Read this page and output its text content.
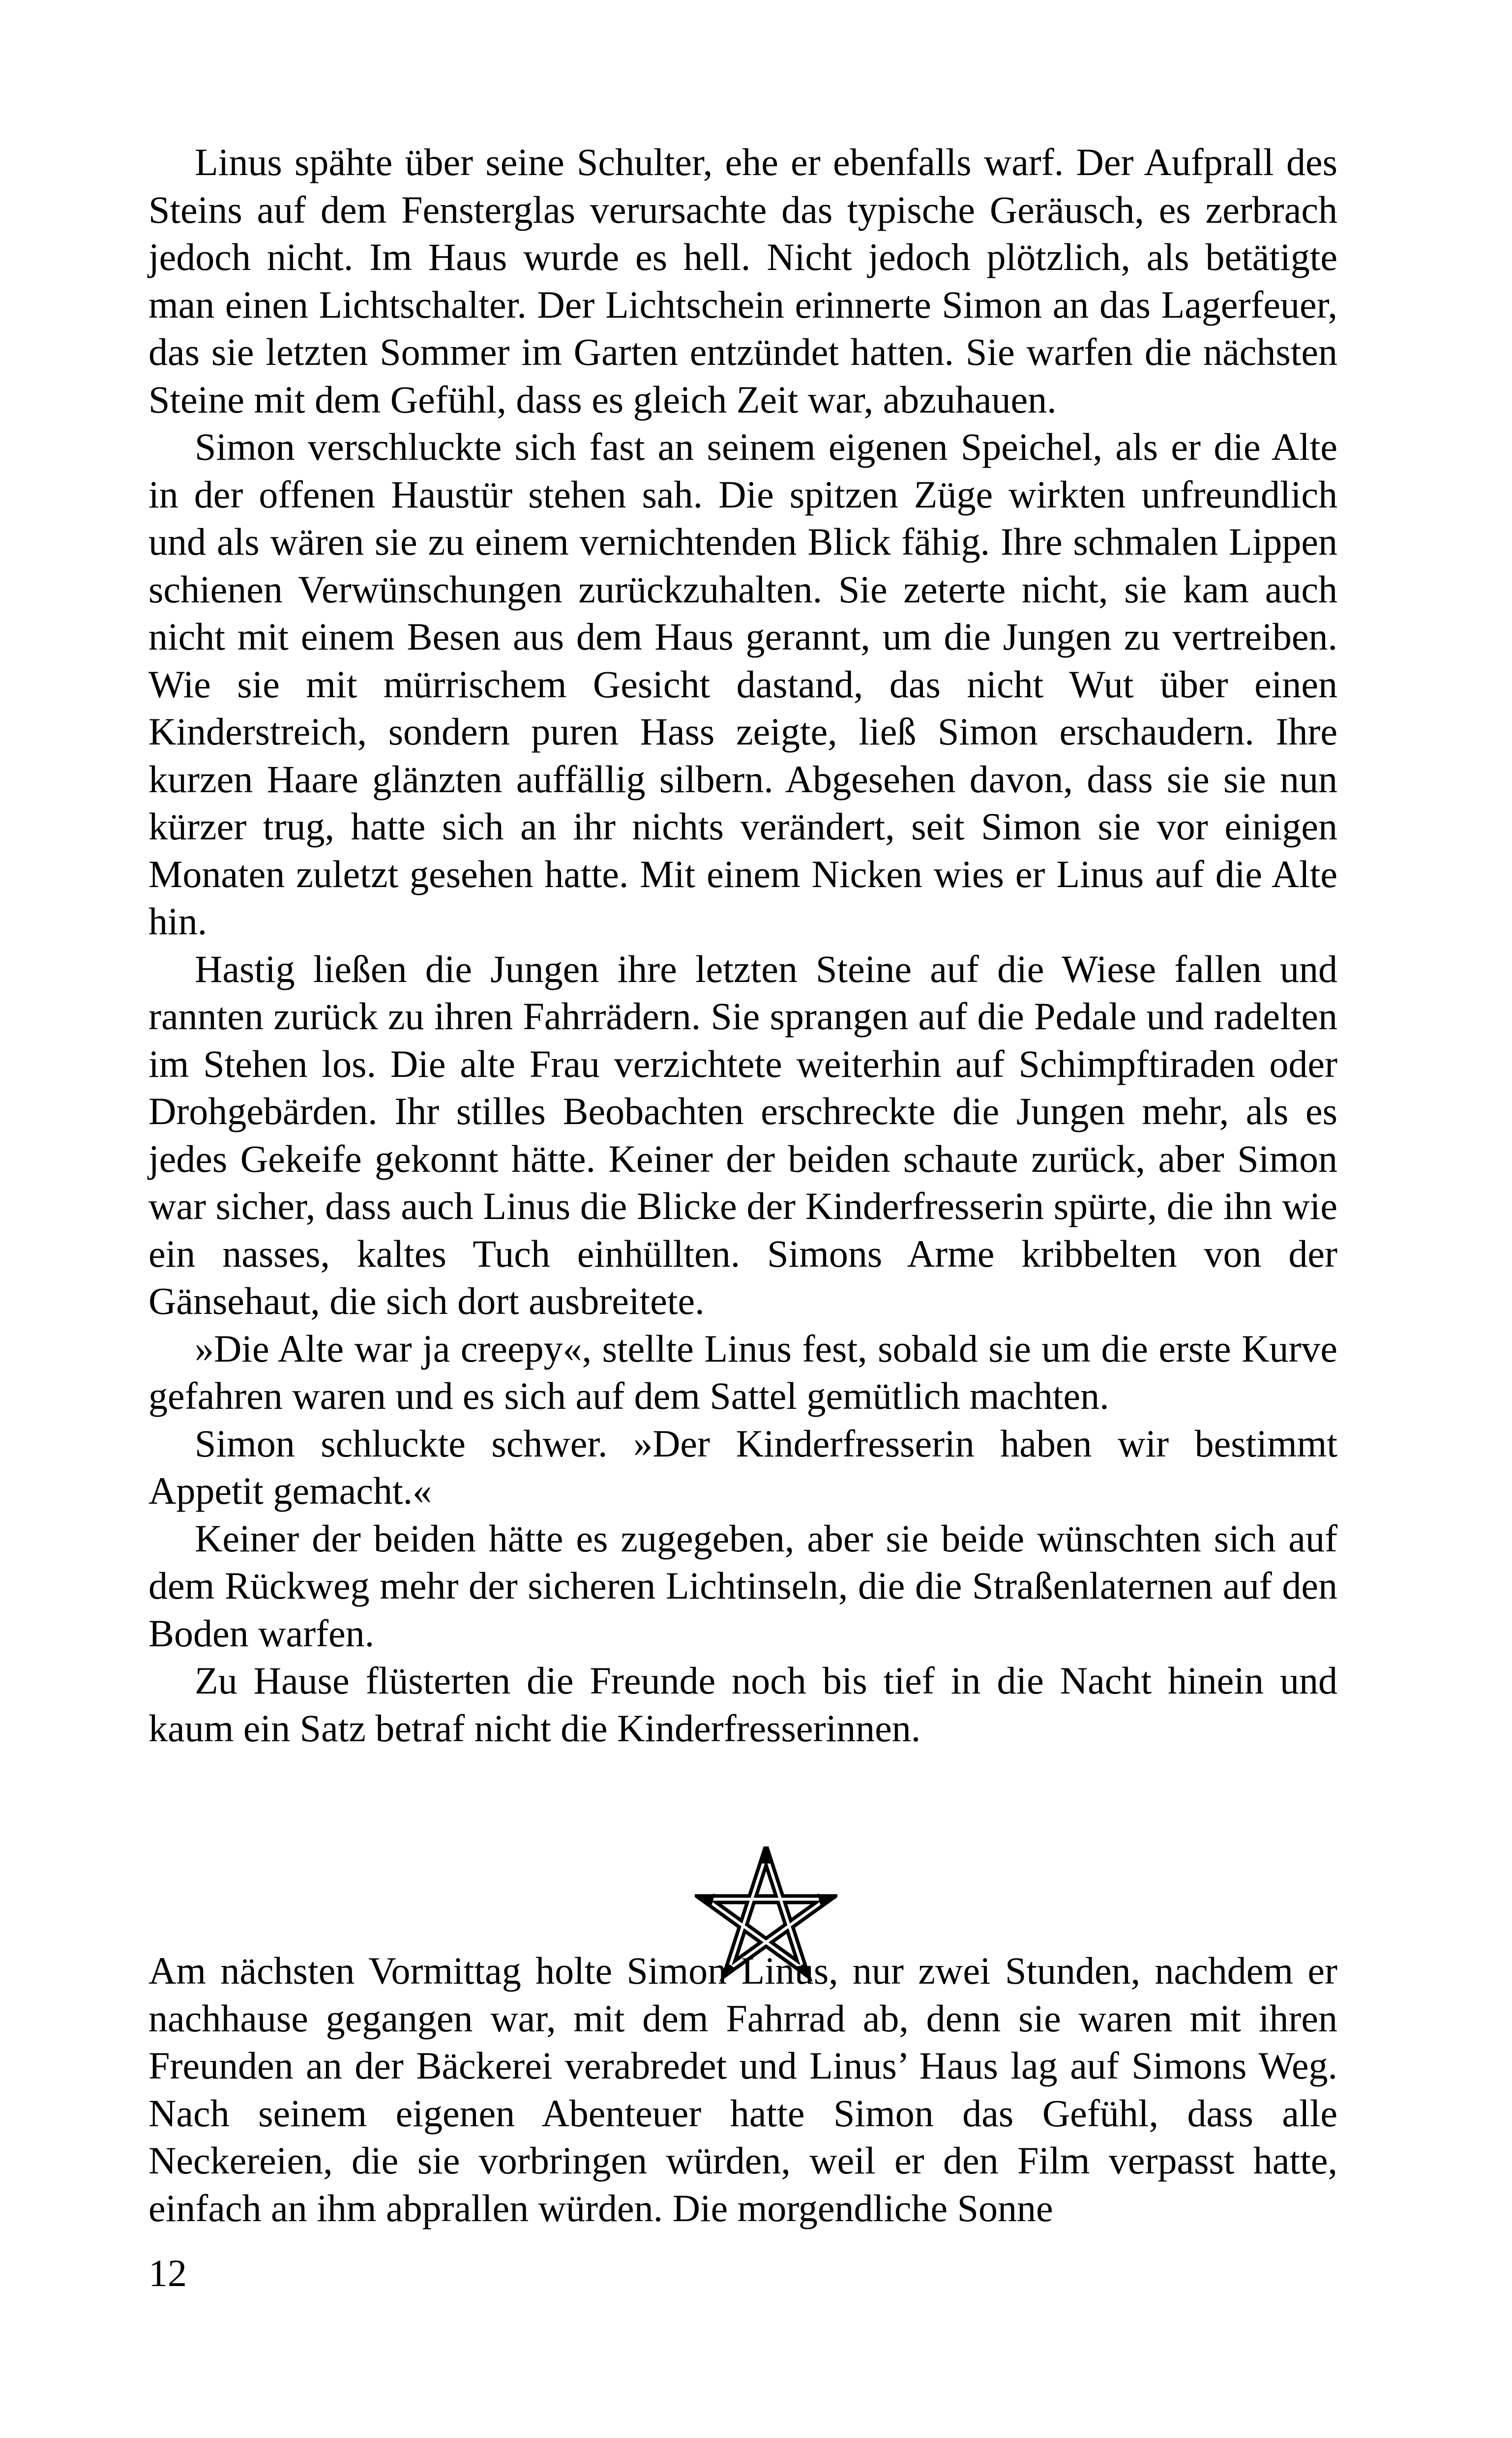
Linus spähte über seine Schulter, ehe er ebenfalls warf. Der Aufprall des Steins auf dem Fensterglas verursachte das typische Geräusch, es zerbrach jedoch nicht. Im Haus wurde es hell. Nicht jedoch plötzlich, als betätigte man einen Lichtschalter. Der Lichtschein erinnerte Simon an das Lagerfeuer, das sie letzten Sommer im Garten entzündet hatten. Sie warfen die nächsten Steine mit dem Gefühl, dass es gleich Zeit war, abzuhauen.

Simon verschluckte sich fast an seinem eigenen Speichel, als er die Alte in der offenen Haustür stehen sah. Die spitzen Züge wirkten unfreundlich und als wären sie zu einem vernichtenden Blick fähig. Ihre schmalen Lippen schienen Verwünschungen zurückzuhalten. Sie zeterte nicht, sie kam auch nicht mit einem Besen aus dem Haus gerannt, um die Jungen zu vertreiben. Wie sie mit mürrischem Gesicht dastand, das nicht Wut über einen Kinderstreich, sondern puren Hass zeigte, ließ Simon erschaudern. Ihre kurzen Haare glänzten auffällig silbern. Abgesehen davon, dass sie sie nun kürzer trug, hatte sich an ihr nichts verändert, seit Simon sie vor einigen Monaten zuletzt gesehen hatte. Mit einem Nicken wies er Linus auf die Alte hin.

Hastig ließen die Jungen ihre letzten Steine auf die Wiese fallen und rannten zurück zu ihren Fahrrädern. Sie sprangen auf die Pedale und radelten im Stehen los. Die alte Frau verzichtete weiterhin auf Schimpftiraden oder Drohgebärden. Ihr stilles Beobachten erschreckte die Jungen mehr, als es jedes Gekeife gekonnt hätte. Keiner der beiden schaute zurück, aber Simon war sicher, dass auch Linus die Blicke der Kinderfresserin spürte, die ihn wie ein nasses, kaltes Tuch einhüllten. Simons Arme kribbelten von der Gänsehaut, die sich dort ausbreitete.

»Die Alte war ja creepy«, stellte Linus fest, sobald sie um die erste Kurve gefahren waren und es sich auf dem Sattel gemütlich machten.

Simon schluckte schwer. »Der Kinderfresserin haben wir bestimmt Appetit gemacht.«

Keiner der beiden hätte es zugegeben, aber sie beide wünschten sich auf dem Rückweg mehr der sicheren Lichtinseln, die die Straßenlaternen auf den Boden warfen.

Zu Hause flüsterten die Freunde noch bis tief in die Nacht hinein und kaum ein Satz betraf nicht die Kinderfresserinnen.

Am nächsten Vormittag holte Simon Linus, nur zwei Stunden, nachdem er nachhause gegangen war, mit dem Fahrrad ab, denn sie waren mit ihren Freunden an der Bäckerei verabredet und Linus’ Haus lag auf Simons Weg. Nach seinem eigenen Abenteuer hatte Simon das Gefühl, dass alle Neckereien, die sie vorbringen würden, weil er den Film verpasst hatte, einfach an ihm abprallen würden. Die morgendliche Sonne

12
